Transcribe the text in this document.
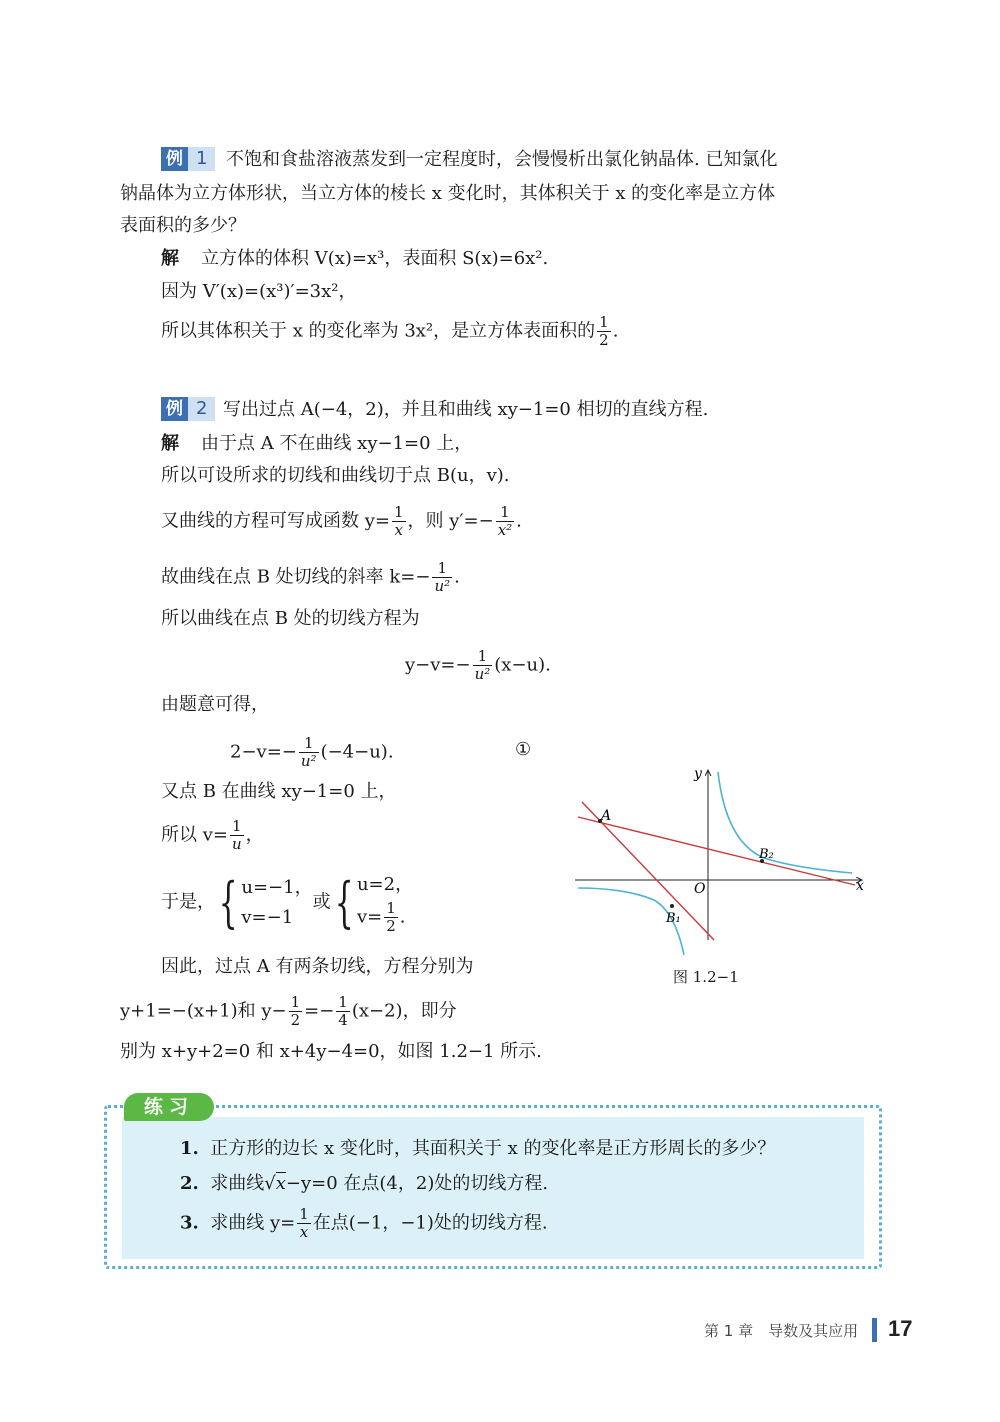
例 1	不饱和食盐溶液蒸发到一定程度时，会慢慢析出氯化钠晶体. 已知氯化
钠晶体为立方体形状，当立方体的棱长 x 变化时，其体积关于 x 的变化率是立方体
表面积的多少？
解 立方体的体积 V(x)=x³，表面积 S(x)=6x².
因为 V′(x)=(x³)′=3x²，
所以其体积关于 x 的变化率为 3x²，是立方体表面积的 $\frac{1}{2}$ .
例 2 写出过点 A(−4，2)，并且和曲线 xy−1=0 相切的直线方程.
解 由于点 A 不在曲线 xy−1=0 上，
所以可设所求的切线和曲线切于点 B(u，v).
又曲线的方程可写成函数 $y= \frac{1}{x}$ ，则 $y'=- \frac{1}{\text{x²}}$ .
故曲线在点 B 处切线的斜率 $k=- \frac{1}{\text{u²}}$ .
所以曲线在点 B 处的切线方程为
$y-v=- \frac{1}{\text{u²}} (x-u)$.
由题意可得，
$2-v=- \frac{1}{\text{u²}} (-4-u)$.	①
又点 B 在曲线 xy−1=0 上，
所以 $v= \frac{1}{u}$ ，
于是，{ u=−1，
v=−1
或{ u=2，
$v= \frac{1}{2}$ .
因此，过点 A 有两条切线，方程分别为
y+1=−(x+1)和 $y- \frac{1}{2} =- \frac{1}{4} (x-2)$，即分
别为 x+y+2=0 和 x+4y−4=0，如图 1.2−1 所示.
y
x
O
A
B₂
B₁
图 1.2−1
练习
1. 正方形的边长 x 变化时，其面积关于 x 的变化率是正方形周长的多少？
2. 求曲线√x−y=0 在点(4，2)处的切线方程.
3. 求曲线 $y= \frac{1}{x}$ 在点(−1，−1)处的切线方程.
第 1 章　导数及其应用 17
